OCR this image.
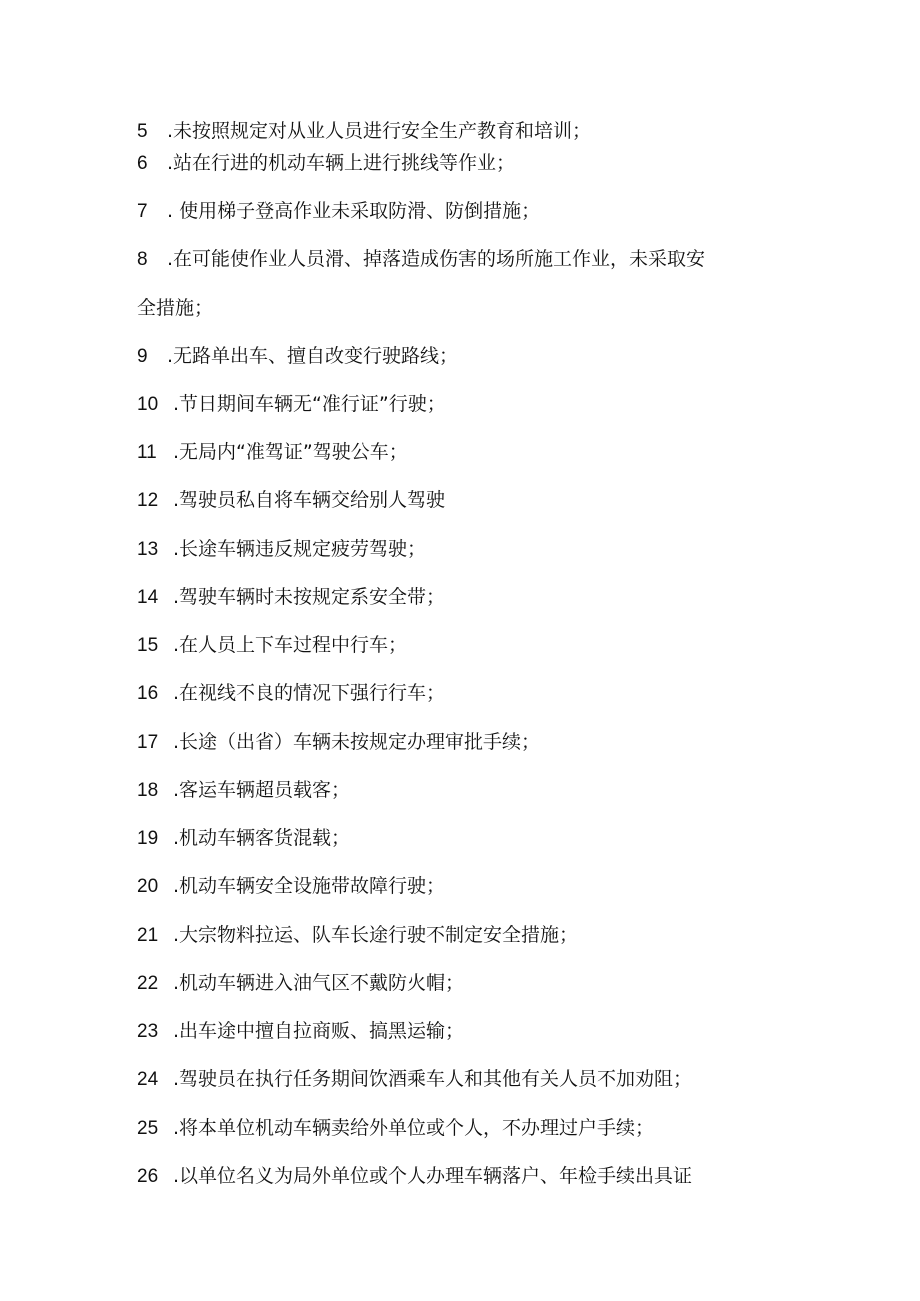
5 .未按照规定对从业人员进行安全生产教育和培训；
6 .站在行进的机动车辆上进行挑线等作业；
7 . 使用梯子登高作业未采取防滑、防倒措施；
8 .在可能使作业人员滑、掉落造成伤害的场所施工作业，未采取安
全措施；
9 .无路单出车、擅自改变行驶路线；
10 .节日期间车辆无“准行证”行驶；
11 .无局内“准驾证”驾驶公车；
12 .驾驶员私自将车辆交给别人驾驶
13 .长途车辆违反规定疲劳驾驶；
14 .驾驶车辆时未按规定系安全带；
15 .在人员上下车过程中行车；
16 .在视线不良的情况下强行行车；
17 .长途（出省）车辆未按规定办理审批手续；
18 .客运车辆超员载客；
19 .机动车辆客货混载；
20 .机动车辆安全设施带故障行驶；
21 .大宗物料拉运、队车长途行驶不制定安全措施；
22 .机动车辆进入油气区不戴防火帽；
23 .出车途中擅自拉商贩、搞黑运输；
24 .驾驶员在执行任务期间饮酒乘车人和其他有关人员不加劝阻；
25 .将本单位机动车辆卖给外单位或个人，不办理过户手续；
26 .以单位名义为局外单位或个人办理车辆落户、年检手续出具证
